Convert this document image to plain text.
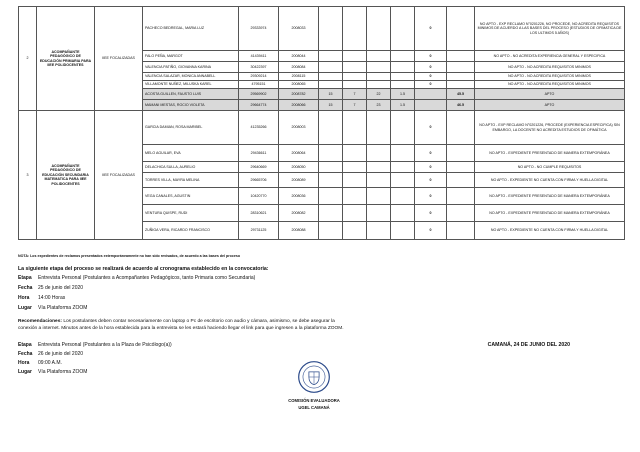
2	ACOMPAÑANTE PEDAGÓGICO DE EDUCACIÓN PRIMARIA PARA IIEE POLIDOCENTES	IIEE FOCALIZADAS	PACHECO BEDREGAL, MARIA LUZ	29333974	2008033					0		NO APTO - EXP RECLAMO N°0201226, NO PROCEDE, NO ACREDITA REQUISITOS MINIMOS DE ACUERDO A LAS BASES DEL PROCESO (ESTUDIOS DE OFIMATICA DE LOS ULTIMOS 5 AÑOS)
			FALO PEÑA, MARGOT	41439411	2008044					0		NO APTO - NO ACREDITA EXPERIENCIA GENERAL Y ESPECIFICA
			VALENCIA PATIÑO, GIOVANNA KARINA	30422397	2008084					0		NO APTO - NO ACREDITA REQUISITOS MINIMOS
			VALENCIA SALAZAR, MONICA ANNABELL	29309214	2008115					0		NO APTO - NO ACREDITA REQUISITOS MINIMOS
			VILLAMONTE NUÑEZ, MILUSKA KAREL	4795151	2008065					0		NO APTO - NO ACREDITA REQUISITOS MINIMOS
			ACOSTA GUILLEN, FAUSTO LUIS	29569902	2008782	15	7	22	1.5		45.5	APTO
			MAMANI MESTAS, ROCIO VIOLETA	29664774	2008066	15	7	23	1.5		46.5	APTO
3	ACOMPAÑANTE PEDAGÓGICO DE EDUCACIÓN SECUNDARIA MATEMATICA PARA IIEE POLIDOCENTES	IIEE FOCALIZADAS	GARCIA DAMIAN, ROSA MARIBEL	41235266	2008003					0		NO APTO - EXP RECLAMO N°0201226, PROCEDE (EXPERIENCIA ESPECIFICA) SIN EMBARGO, LA DOCENTE NO ACREDITA ESTUDIOS DE OFIMÁTICA
			MELO AGUILAR, EVA	29436611	2008064					0		NO APTO - EXPEDIENTE PRESENTADO DE MANERA EXTEMPORÁNEA
			DELACHICA SULLA, AURELIO	29640669	2008050					0		NO APTO - NO CUMPLE REQUISITOS
			TORRES VILLA, MAYRA MELINA	29665706	2008089					0		NO APTO - EXPEDIENTE NO CUENTA CON FIRMA Y HUELLA DIGITAL
			VEGA CANALES, AGUSTIN	10420770	2008036					0		NO APTO - EXPEDIENTE PRESENTADO DE MANERA EXTEMPORÁNEA
			VENTURA QUISPE, RUDI	28310621	2008082					0		NO APTO - EXPEDIENTE PRESENTADO DE MANERA EXTEMPORÁNEA
			ZUÑIGA VERA, RICARDO FRANCISCO	29731125	2008088					0		NO APTO - EXPEDIENTE NO CUENTA CON FIRMA Y HUELLA DIGITAL
NOTA: Los expedientes de reclamos presentados extemporáneamente no han sido revisados, de acuerdo a las bases del proceso
La siguiente etapa del proceso se realizará de acuerdo al cronograma establecido en la convocatoria:
Etapa Entrevista Personal (Postulantes a Acompañantes Pedagógicos, tanto Primaria como Secundaria)
Fecha 25 de junio del 2020
Hora 14:00 Horas
Lugar Vía Plataforma ZOOM
Recomendaciones: Los postulantes deben contar necesariamente con laptop o Pc de escritorio con audio y cámara, asimismo, se debe asegurar la conexión a internet. Minutos antes de la hora establecida para la entrevista se les estará haciendo llegar el link para que ingresen a la plataforma ZOOM.
Etapa Entrevista Personal (Postulantes a la Plaza de Psicólogo(a))
Fecha 26 de junio del 2020
Hora 09:00 A.M.
Lugar Vía Plataforma ZOOM
CAMANÁ, 24 DE JUNIO DEL 2020
COMISIÓN EVALUADORA
UGEL CAMANÁ
